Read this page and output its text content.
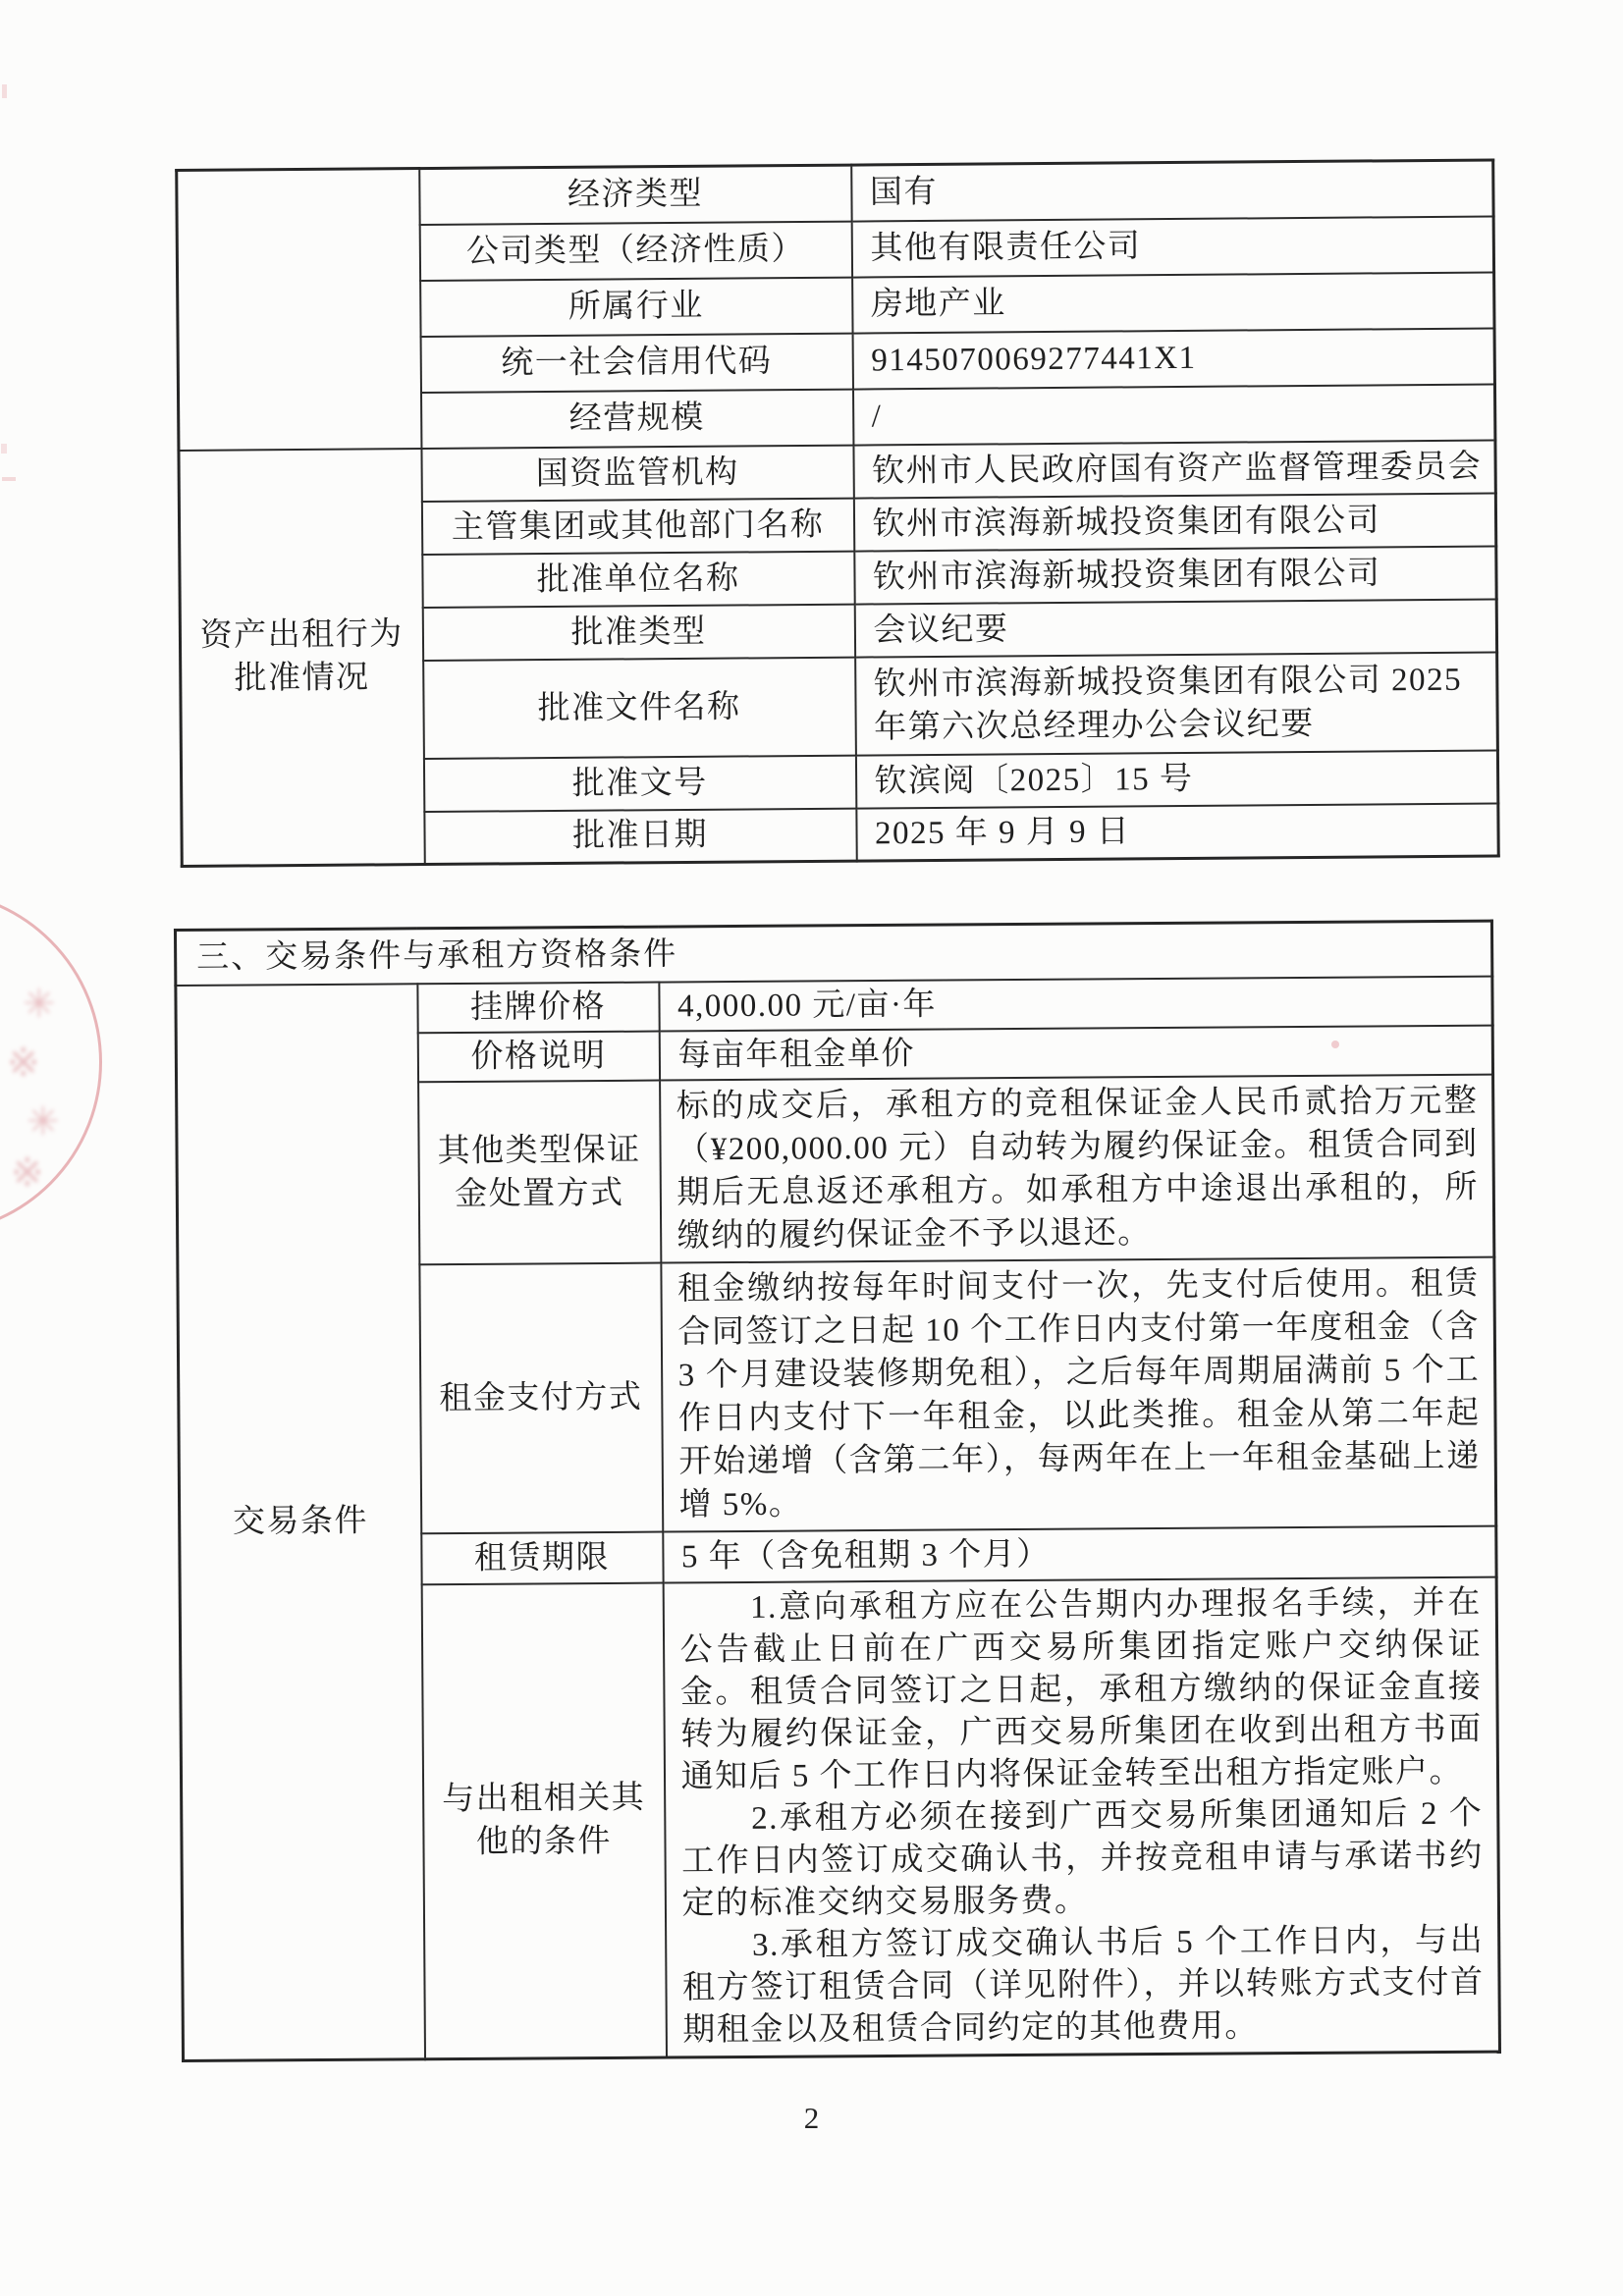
✳
※
✳
※
	经济类型	国有
	公司类型（经济性质）	其他有限责任公司
	所属行业	房地产业
	统一社会信用代码	9145070069277441X1
	经营规模	/
资产出租行为批准情况	国资监管机构	钦州市人民政府国有资产监督管理委员会
	主管集团或其他部门名称	钦州市滨海新城投资集团有限公司
	批准单位名称	钦州市滨海新城投资集团有限公司
	批准类型	会议纪要
	批准文件名称	钦州市滨海新城投资集团有限公司 2025 年第六次总经理办公会议纪要
	批准文号	钦滨阅〔2025〕15 号
	批准日期	2025 年 9 月 9 日
三、交易条件与承租方资格条件		
交易条件	挂牌价格	4,000.00 元/亩·年
	价格说明	每亩年租金单价
	其他类型保证金处置方式	标的成交后，承租方的竞租保证金人民币贰拾万元整（¥200,000.00 元）自动转为履约保证金。租赁合同到期后无息返还承租方。如承租方中途退出承租的，所缴纳的履约保证金不予以退还。
	租金支付方式	租金缴纳按每年时间支付一次，先支付后使用。租赁合同签订之日起 10 个工作日内支付第一年度租金（含 3 个月建设装修期免租），之后每年周期届满前 5 个工作日内支付下一年租金，以此类推。租金从第二年起开始递增（含第二年），每两年在上一年租金基础上递增 5%。
	租赁期限	5 年（含免租期 3 个月）
	与出租相关其他的条件	　　1.意向承租方应在公告期内办理报名手续，并在公告截止日前在广西交易所集团指定账户交纳保证金。租赁合同签订之日起，承租方缴纳的保证金直接转为履约保证金，广西交易所集团在收到出租方书面通知后 5 个工作日内将保证金转至出租方指定账户。
　　2.承租方必须在接到广西交易所集团通知后 2 个工作日内签订成交确认书，并按竞租申请与承诺书约定的标准交纳交易服务费。
　　3.承租方签订成交确认书后 5 个工作日内，与出租方签订租赁合同（详见附件），并以转账方式支付首期租金以及租赁合同约定的其他费用。
2
